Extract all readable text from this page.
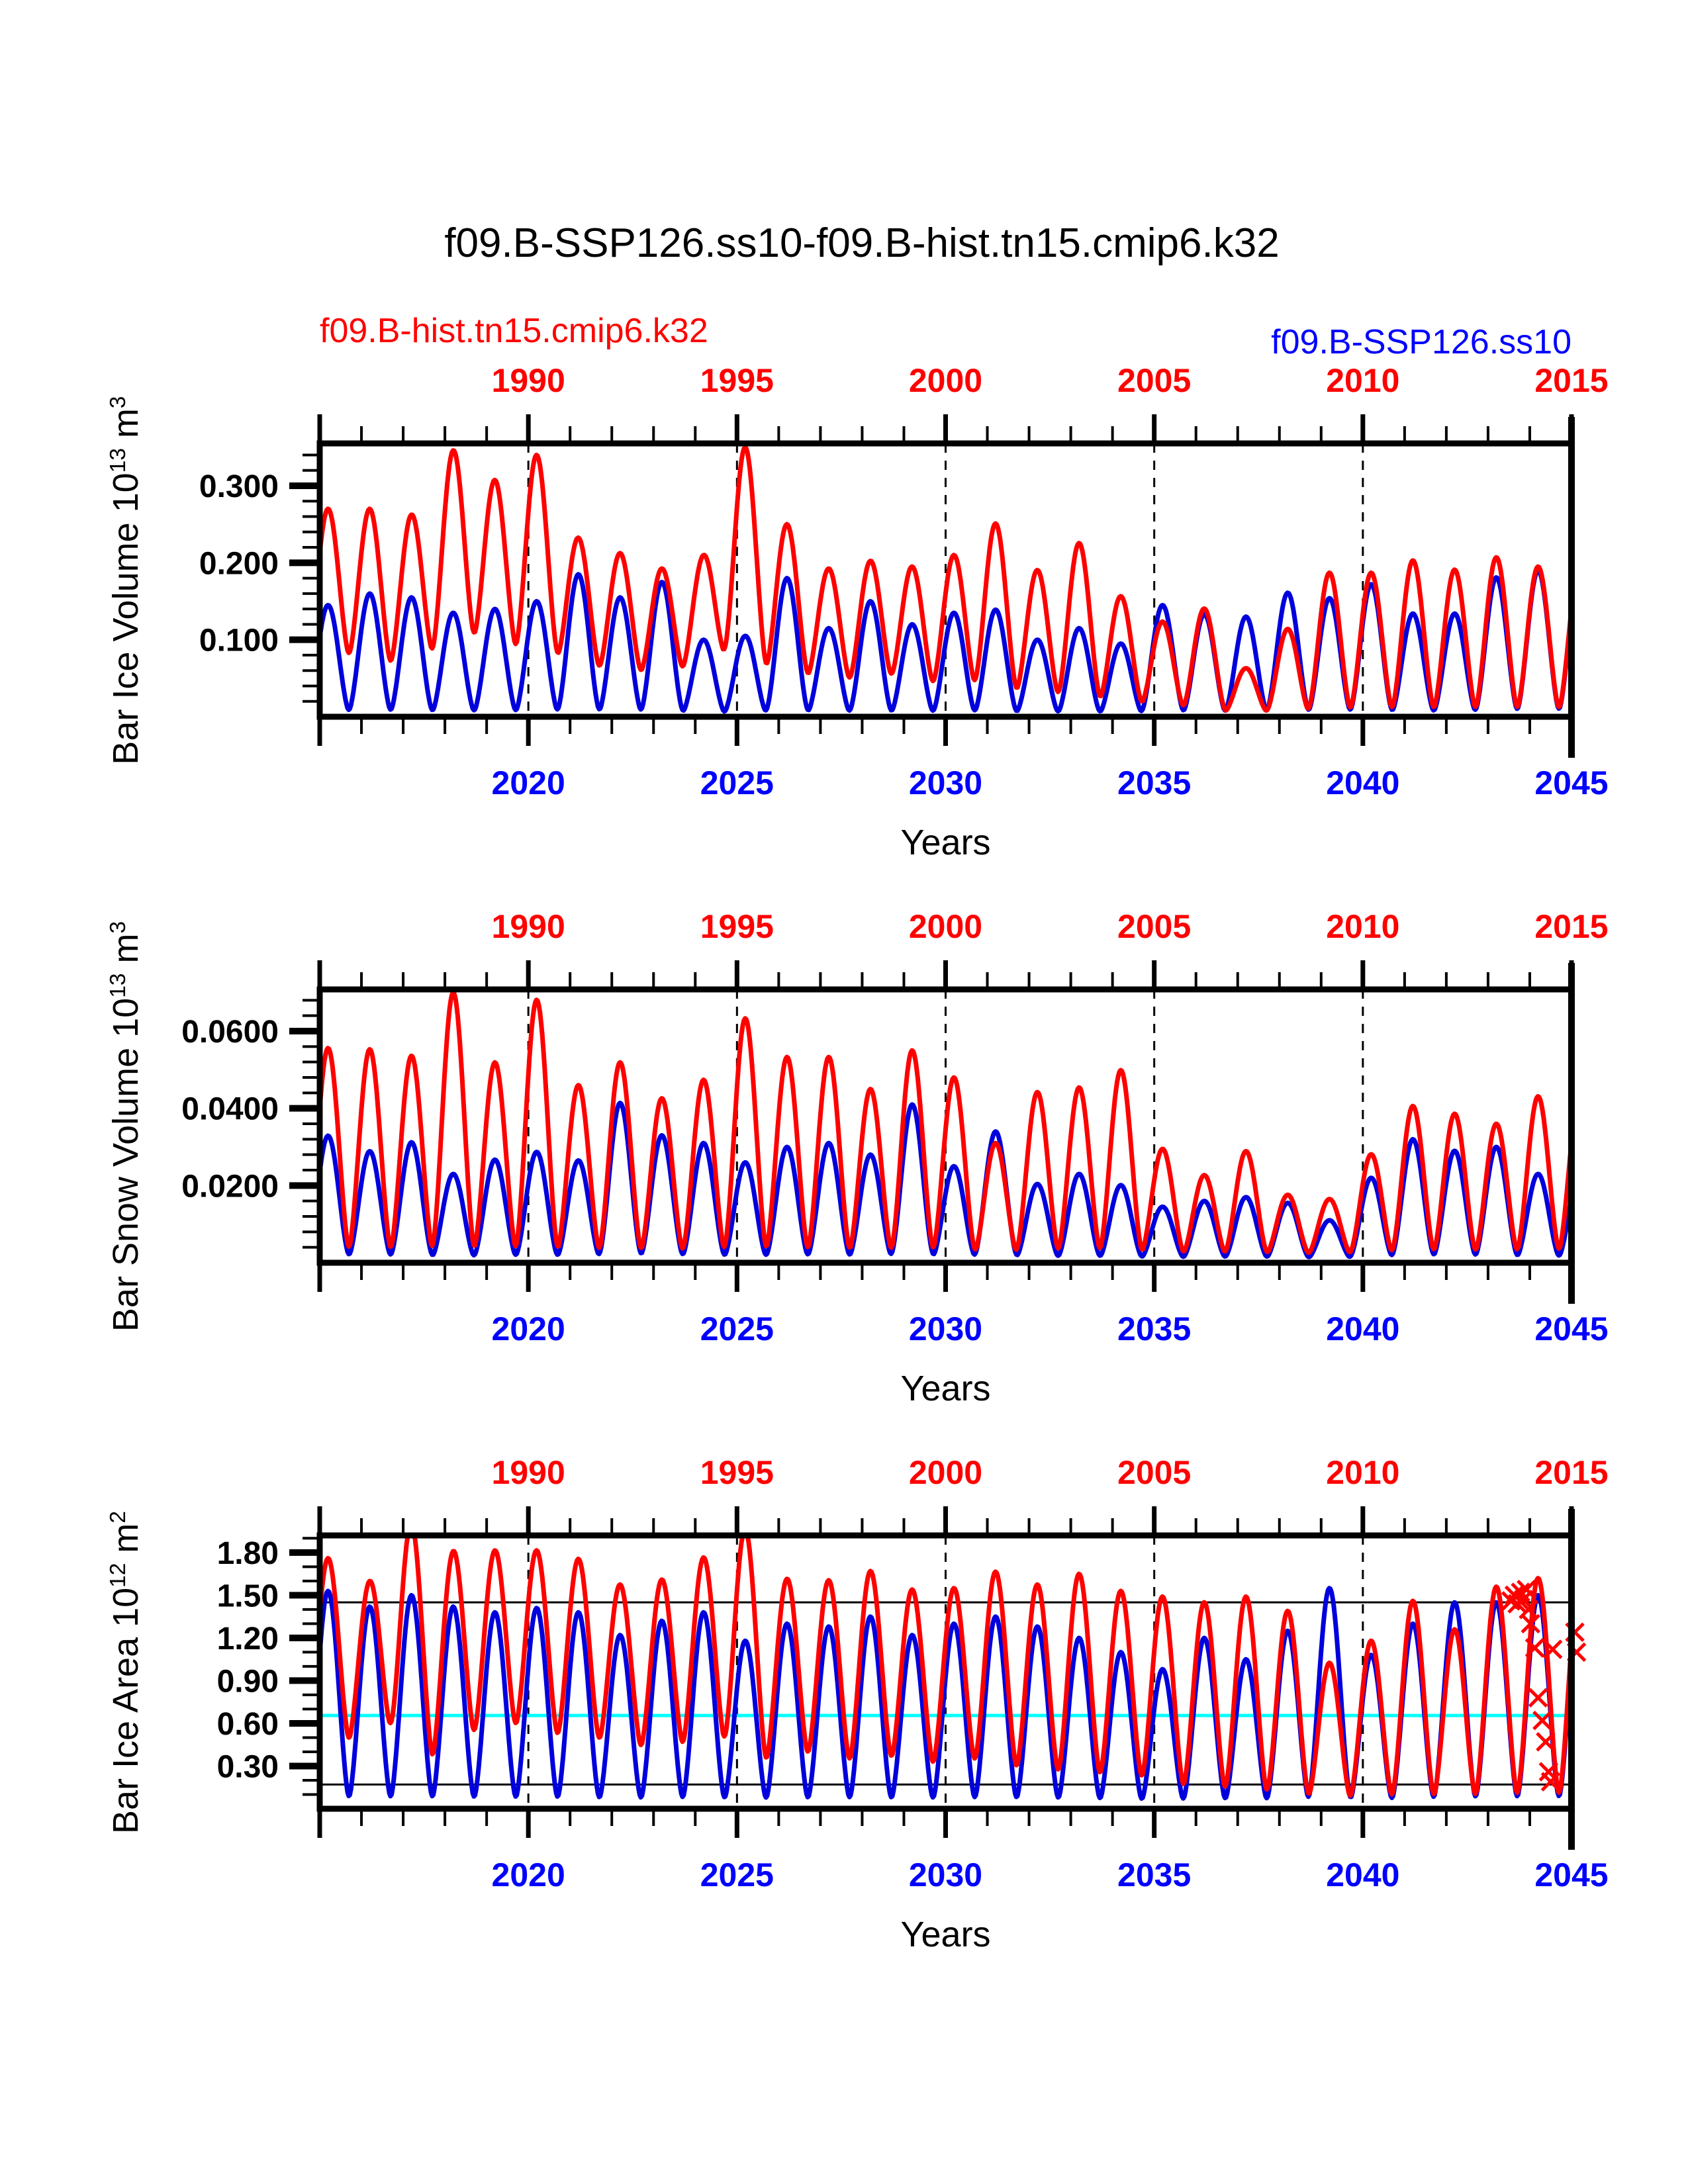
f09.B-SSP126.ss10-f09.B-hist.tn15.cmip6.k32
f09.B-hist.tn15.cmip6.k32	f09.B-SSP126.ss10
Bar Ice Volume $10^{13}$ $m^3$
Bar Snow Volume $10^{13}$ $m^3$
Bar Ice Area $10^{12}$ $m^2$
Years
Years
Years
2020	2025	2030	2035	2040	2045
1990	1995	2000	2005	2010	2015
0.100
0.200
0.300
2020	2025	2030	2035	2040	2045
1990	1995	2000	2005	2010	2015
0.0200
0.0400
0.0600
2020	2025	2030	2035	2040	2045
1990	1995	2000	2005	2010	2015
0.30
0.60
0.90
1.20
1.50
1.80
